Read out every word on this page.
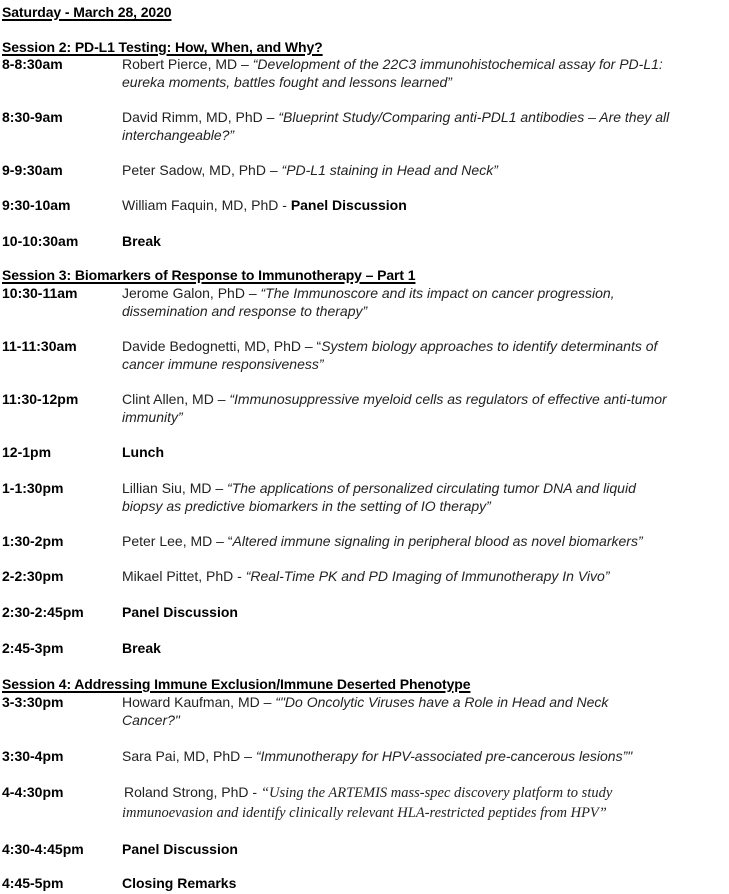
Saturday - March 28, 2020
Session 2: PD-L1 Testing: How, When, and Why?
8-8:30am	Robert Pierce, MD – “Development of the 22C3 immunohistochemical assay for PD-L1:
eureka moments, battles fought and lessons learned”
8:30-9am	David Rimm, MD, PhD – “Blueprint Study/Comparing anti-PDL1 antibodies – Are they all
interchangeable?”
9-9:30am	Peter Sadow, MD, PhD – “PD-L1 staining in Head and Neck”
9:30-10am	William Faquin, MD, PhD - Panel Discussion
10-10:30am	Break
Session 3: Biomarkers of Response to Immunotherapy – Part 1
10:30-11am	Jerome Galon, PhD – “The Immunoscore and its impact on cancer progression,
dissemination and response to therapy”
11-11:30am	Davide Bedognetti, MD, PhD – “System biology approaches to identify determinants of
cancer immune responsiveness”
11:30-12pm	Clint Allen, MD – “Immunosuppressive myeloid cells as regulators of effective anti-tumor
immunity”
12-1pm	Lunch
1-1:30pm	Lillian Siu, MD – “The applications of personalized circulating tumor DNA and liquid
biopsy as predictive biomarkers in the setting of IO therapy”
1:30-2pm	Peter Lee, MD – “Altered immune signaling in peripheral blood as novel biomarkers”
2-2:30pm	Mikael Pittet, PhD - “Real-Time PK and PD Imaging of Immunotherapy In Vivo”
2:30-2:45pm	Panel Discussion
2:45-3pm	Break
Session 4: Addressing Immune Exclusion/Immune Deserted Phenotype
3-3:30pm	Howard Kaufman, MD – “"Do Oncolytic Viruses have a Role in Head and Neck
Cancer?"
3:30-4pm	Sara Pai, MD, PhD – “Immunotherapy for HPV-associated pre-cancerous lesions”"
4-4:30pm	Roland Strong, PhD - “Using the ARTEMIS mass-spec discovery platform to study
immunoevasion and identify clinically relevant HLA-restricted peptides from HPV”
4:30-4:45pm	Panel Discussion
4:45-5pm	Closing Remarks
